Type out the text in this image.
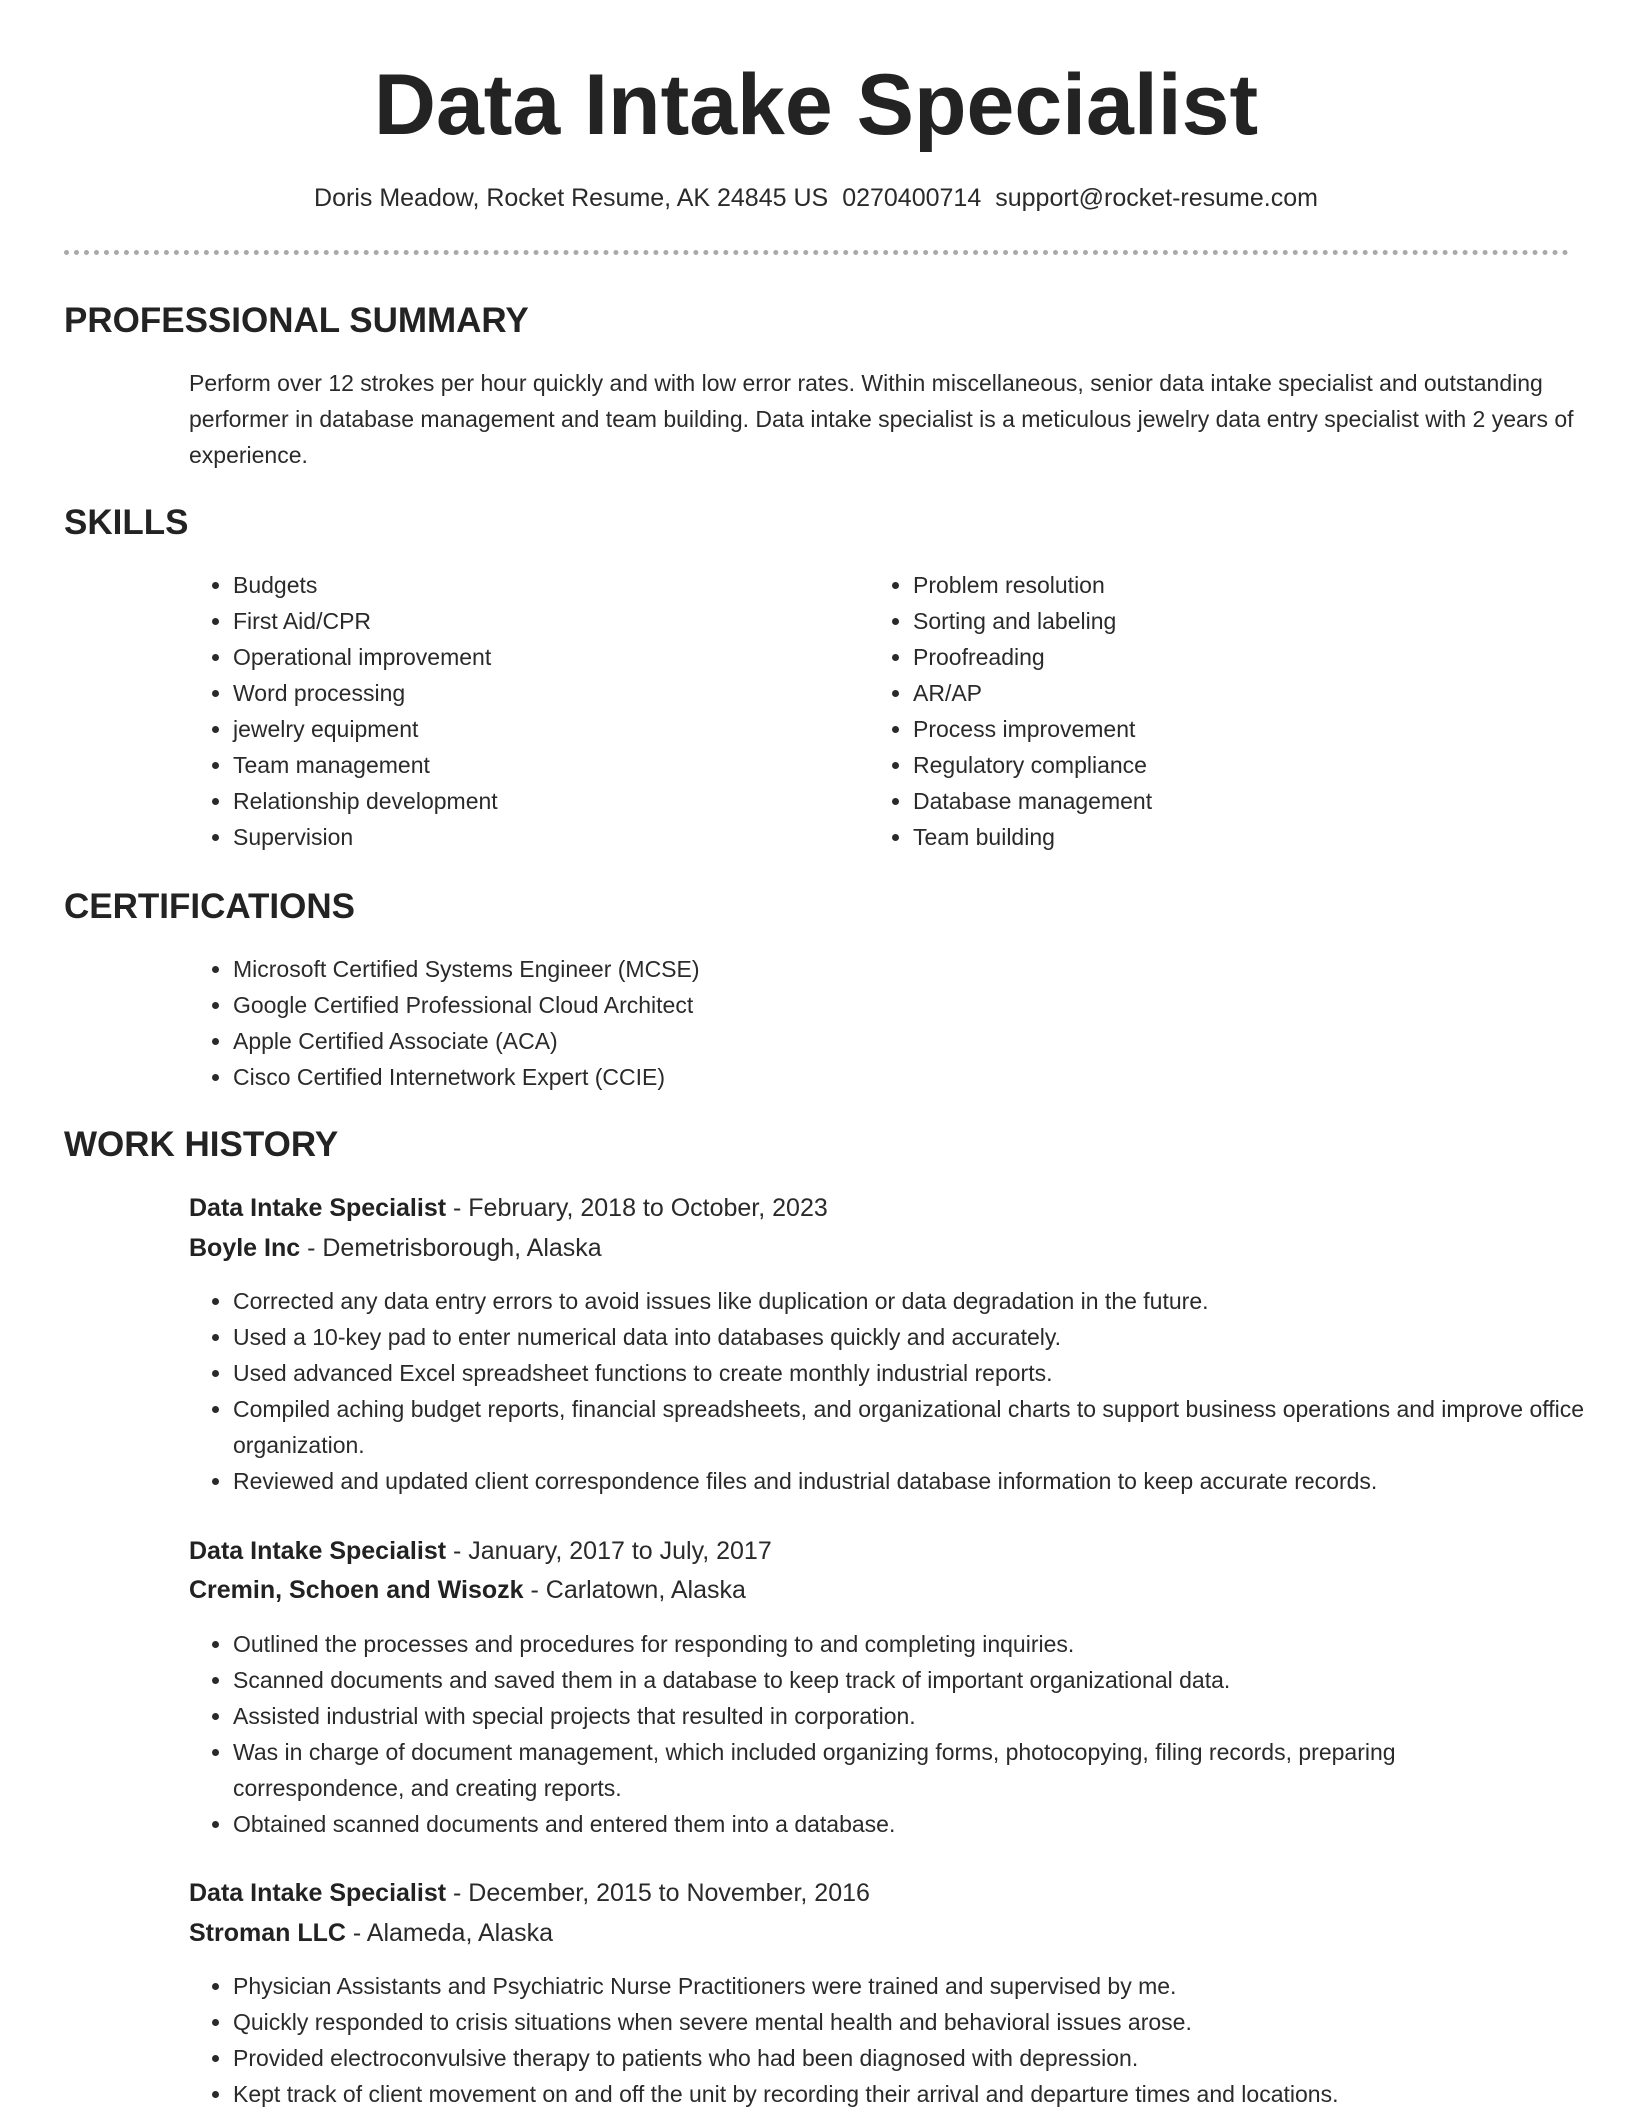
Data Intake Specialist
Doris Meadow, Rocket Resume, AK 24845 US 0270400714 support@rocket-resume.com
PROFESSIONAL SUMMARY

Perform over 12 strokes per hour quickly and with low error rates. Within miscellaneous, senior data intake specialist and outstanding performer in database management and team building. Data intake specialist is a meticulous jewelry data entry specialist with 2 years of experience.

SKILLS
• Budgets
• First Aid/CPR
• Operational improvement
• Word processing
• jewelry equipment
• Team management
• Relationship development
• Supervision
• Problem resolution
• Sorting and labeling
• Proofreading
• AR/AP
• Process improvement
• Regulatory compliance
• Database management
• Team building
CERTIFICATIONS
• Microsoft Certified Systems Engineer (MCSE)
• Google Certified Professional Cloud Architect
• Apple Certified Associate (ACA)
• Cisco Certified Internetwork Expert (CCIE)
WORK HISTORY
Data Intake Specialist - February, 2018 to October, 2023
Boyle Inc - Demetrisborough, Alaska
• Corrected any data entry errors to avoid issues like duplication or data degradation in the future.
• Used a 10-key pad to enter numerical data into databases quickly and accurately.
• Used advanced Excel spreadsheet functions to create monthly industrial reports.
• Compiled aching budget reports, financial spreadsheets, and organizational charts to support business operations and improve office organization.
• Reviewed and updated client correspondence files and industrial database information to keep accurate records.
Data Intake Specialist - January, 2017 to July, 2017
Cremin, Schoen and Wisozk - Carlatown, Alaska
• Outlined the processes and procedures for responding to and completing inquiries.
• Scanned documents and saved them in a database to keep track of important organizational data.
• Assisted industrial with special projects that resulted in corporation.
• Was in charge of document management, which included organizing forms, photocopying, filing records, preparing correspondence, and creating reports.
• Obtained scanned documents and entered them into a database.
Data Intake Specialist - December, 2015 to November, 2016
Stroman LLC - Alameda, Alaska
• Physician Assistants and Psychiatric Nurse Practitioners were trained and supervised by me.
• Quickly responded to crisis situations when severe mental health and behavioral issues arose.
• Provided electroconvulsive therapy to patients who had been diagnosed with depression.
• Kept track of client movement on and off the unit by recording their arrival and departure times and locations.
